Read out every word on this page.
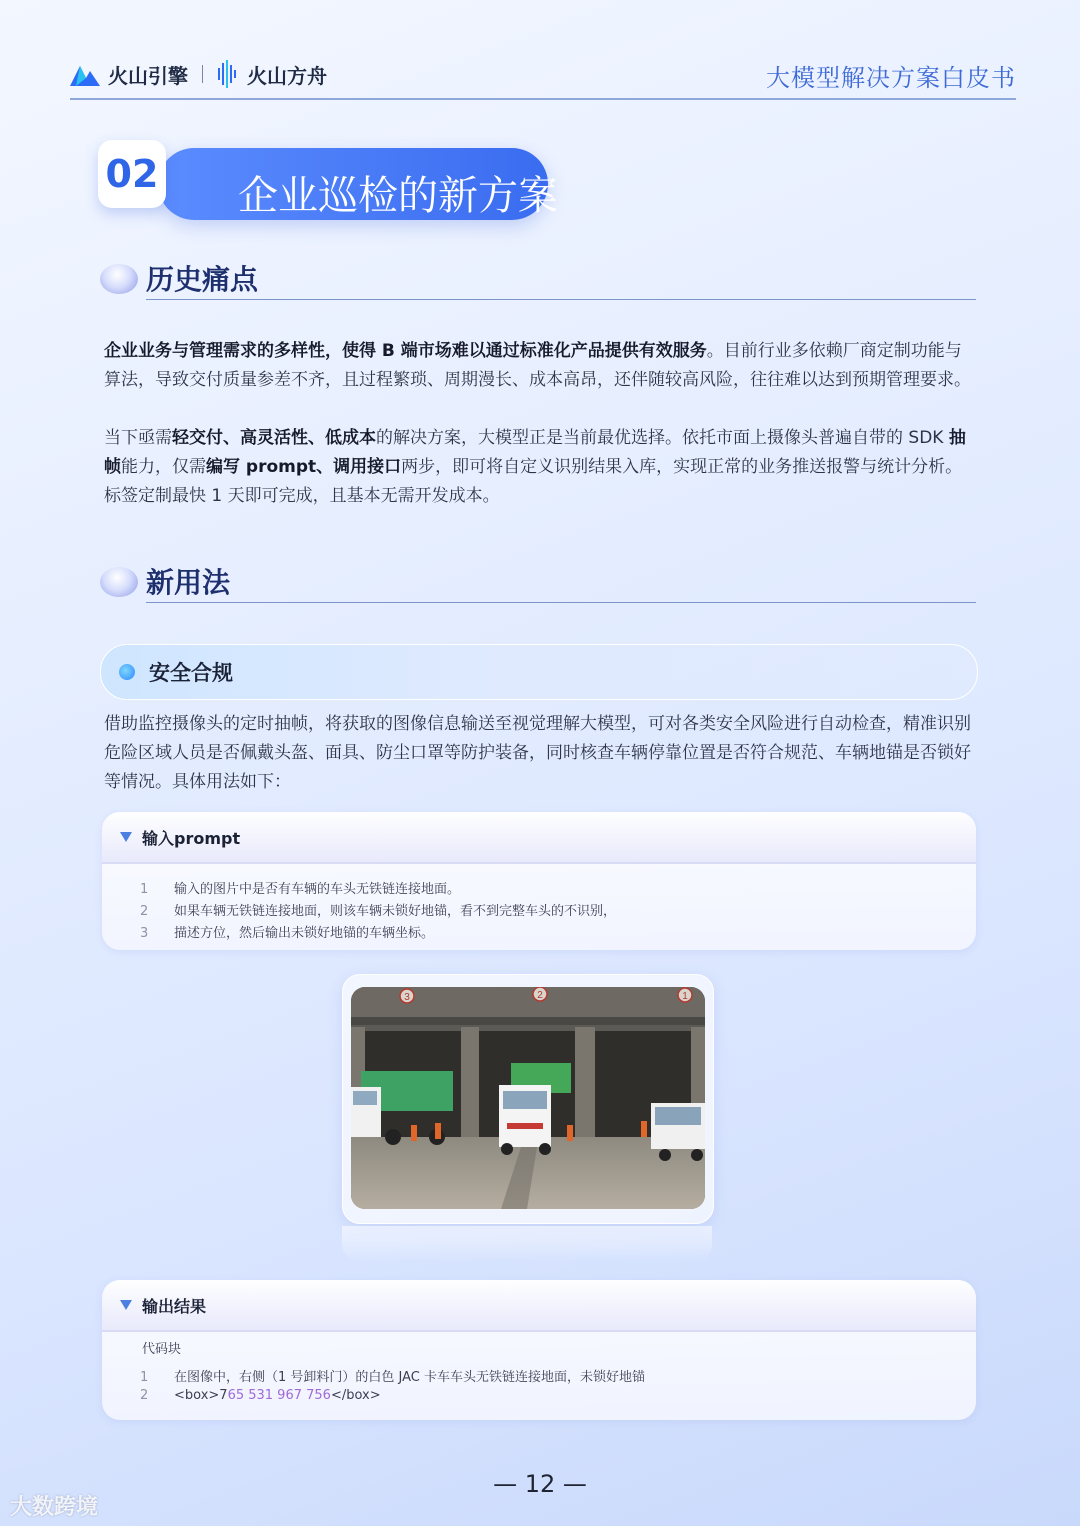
火山引擎	火山方舟	大模型解决方案白皮书
企业巡检的新方案
02
历史痛点
企业业务与管理需求的多样性，使得 B 端市场难以通过标准化产品提供有效服务。目前行业多依赖厂商定制功能与算法，导致交付质量参差不齐，且过程繁琐、周期漫长、成本高昂，还伴随较高风险，往往难以达到预期管理要求。
当下亟需轻交付、高灵活性、低成本的解决方案，大模型正是当前最优选择。依托市面上摄像头普遍自带的 SDK 抽帧能力，仅需编写 prompt、调用接口两步，即可将自定义识别结果入库，实现正常的业务推送报警与统计分析。标签定制最快 1 天即可完成，且基本无需开发成本。
新用法
安全合规
借助监控摄像头的定时抽帧，将获取的图像信息输送至视觉理解大模型，可对各类安全风险进行自动检查，精准识别危险区域人员是否佩戴头盔、面具、防尘口罩等防护装备，同时核查车辆停靠位置是否符合规范、车辆地锚是否锁好等情况。具体用法如下：
输入prompt
1 输入的图片中是否有车辆的车头无铁链连接地面。
2 如果车辆无铁链连接地面，则该车辆未锁好地锚，看不到完整车头的不识别，
3 描述方位，然后输出未锁好地锚的车辆坐标。
3	2	1
输出结果
代码块
1 在图像中，右侧（1 号卸料门）的白色 JAC 卡车车头无铁链连接地面，未锁好地锚
2 <box>765 531 967 756</box>
— 12 —
大数跨境
